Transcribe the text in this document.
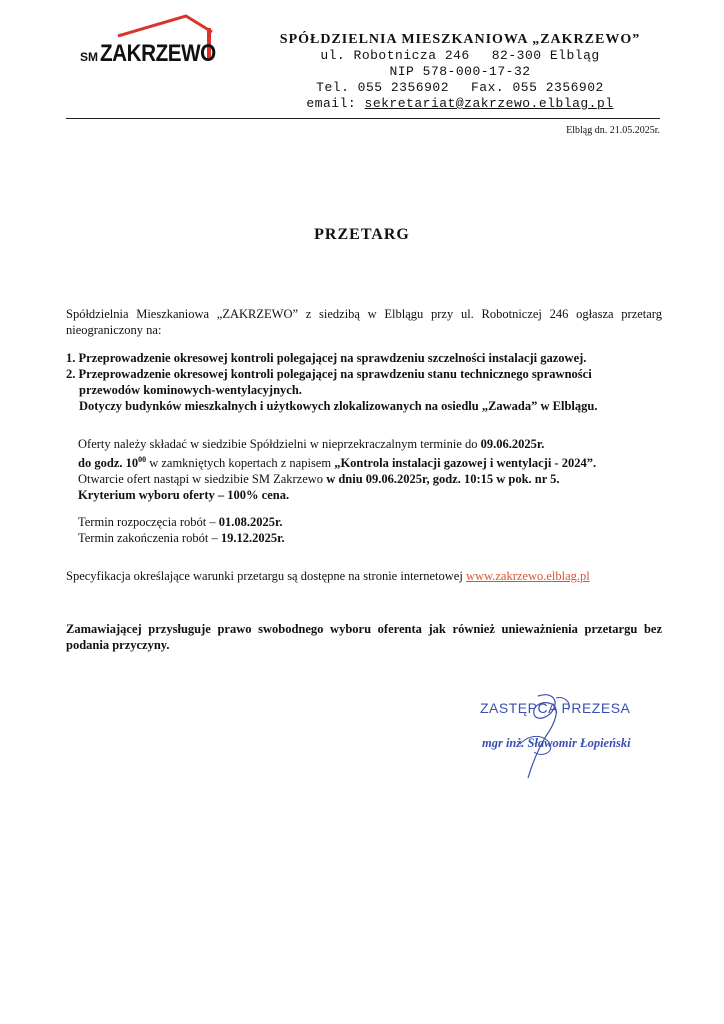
SM ZAKRZEWO
SPÓŁDZIELNIA MIESZKANIOWA „ZAKRZEWO”
ul. Robotnicza 246 82-300 Elbląg
NIP 578-000-17-32
Tel. 055 2356902 Fax. 055 2356902
email: sekretariat@zakrzewo.elblag.pl
Elbląg dn. 21.05.2025r.
PRZETARG
Spółdzielnia Mieszkaniowa „ZAKRZEWO” z siedzibą w Elblągu przy ul. Robotniczej 246 ogłasza przetarg nieograniczony na:
1. Przeprowadzenie okresowej kontroli polegającej na sprawdzeniu szczelności instalacji gazowej.
2. Przeprowadzenie okresowej kontroli polegającej na sprawdzeniu stanu technicznego sprawności
przewodów kominowych-wentylacyjnych.
Dotyczy budynków mieszkalnych i użytkowych zlokalizowanych na osiedlu „Zawada” w Elblągu.
Oferty należy składać w siedzibie Spółdzielni w nieprzekraczalnym terminie do 09.06.2025r.
do godz. $10^{00}$ w zamkniętych kopertach z napisem „Kontrola instalacji gazowej i wentylacji - 2024”.
Otwarcie ofert nastąpi w siedzibie SM Zakrzewo w dniu 09.06.2025r, godz. 10:15 w pok. nr 5.
Kryterium wyboru oferty – 100% cena.
Termin rozpoczęcia robót – 01.08.2025r.
Termin zakończenia robót – 19.12.2025r.
Specyfikacja określające warunki przetargu są dostępne na stronie internetowej www.zakrzewo.elblag.pl
Zamawiającej przysługuje prawo swobodnego wyboru oferenta jak również unieważnienia przetargu bez podania przyczyny.
ZASTĘPCA PREZESA
mgr inż. Sławomir Łopieński
